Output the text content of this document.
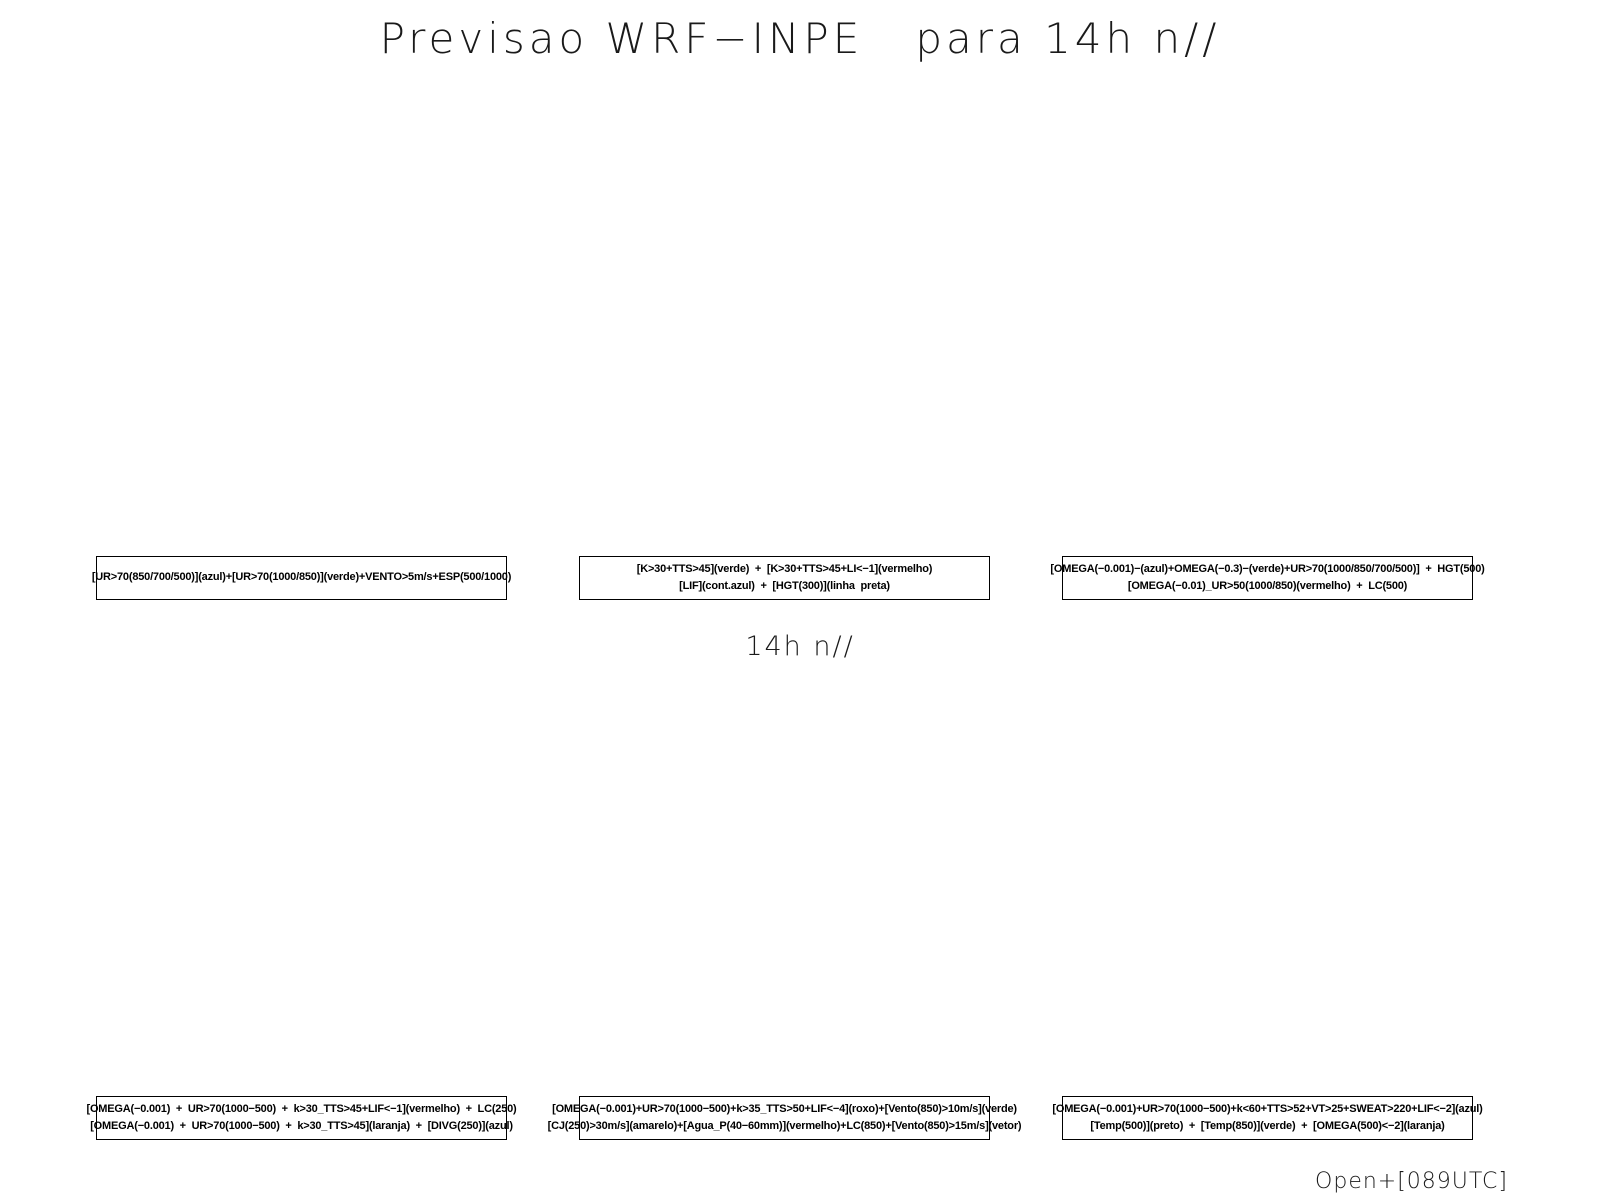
Previsao WRF−INPE   para 14h n//
[UR>70(850/700/500)](azul)+[UR>70(1000/850)](verde)+VENTO>5m/s+ESP(500/1000)
[K>30+TTS>45](verde)  +  [K>30+TTS>45+LI<−1](vermelho)
[LIF](cont.azul)  +  [HGT(300)](linha  preta)
[OMEGA(−0.001)−(azul)+OMEGA(−0.3)−(verde)+UR>70(1000/850/700/500)]  +  HGT(500)
[OMEGA(−0.01)_UR>50(1000/850)(vermelho)  +  LC(500)
14h n//
[OMEGA(−0.001)  +  UR>70(1000−500)  +  k>30_TTS>45+LIF<−1](vermelho)  +  LC(250)
[OMEGA(−0.001)  +  UR>70(1000−500)  +  k>30_TTS>45](laranja)  +  [DIVG(250)](azul)
[OMEGA(−0.001)+UR>70(1000−500)+k>35_TTS>50+LIF<−4](roxo)+[Vento(850)>10m/s](verde)
[CJ(250)>30m/s](amarelo)+[Agua_P(40−60mm)](vermelho)+LC(850)+[Vento(850)>15m/s](vetor)
[OMEGA(−0.001)+UR>70(1000−500)+k<60+TTS>52+VT>25+SWEAT>220+LIF<−2](azul)
[Temp(500)](preto)  +  [Temp(850)](verde)  +  [OMEGA(500)<−2](laranja)
Open+[089UTC]
